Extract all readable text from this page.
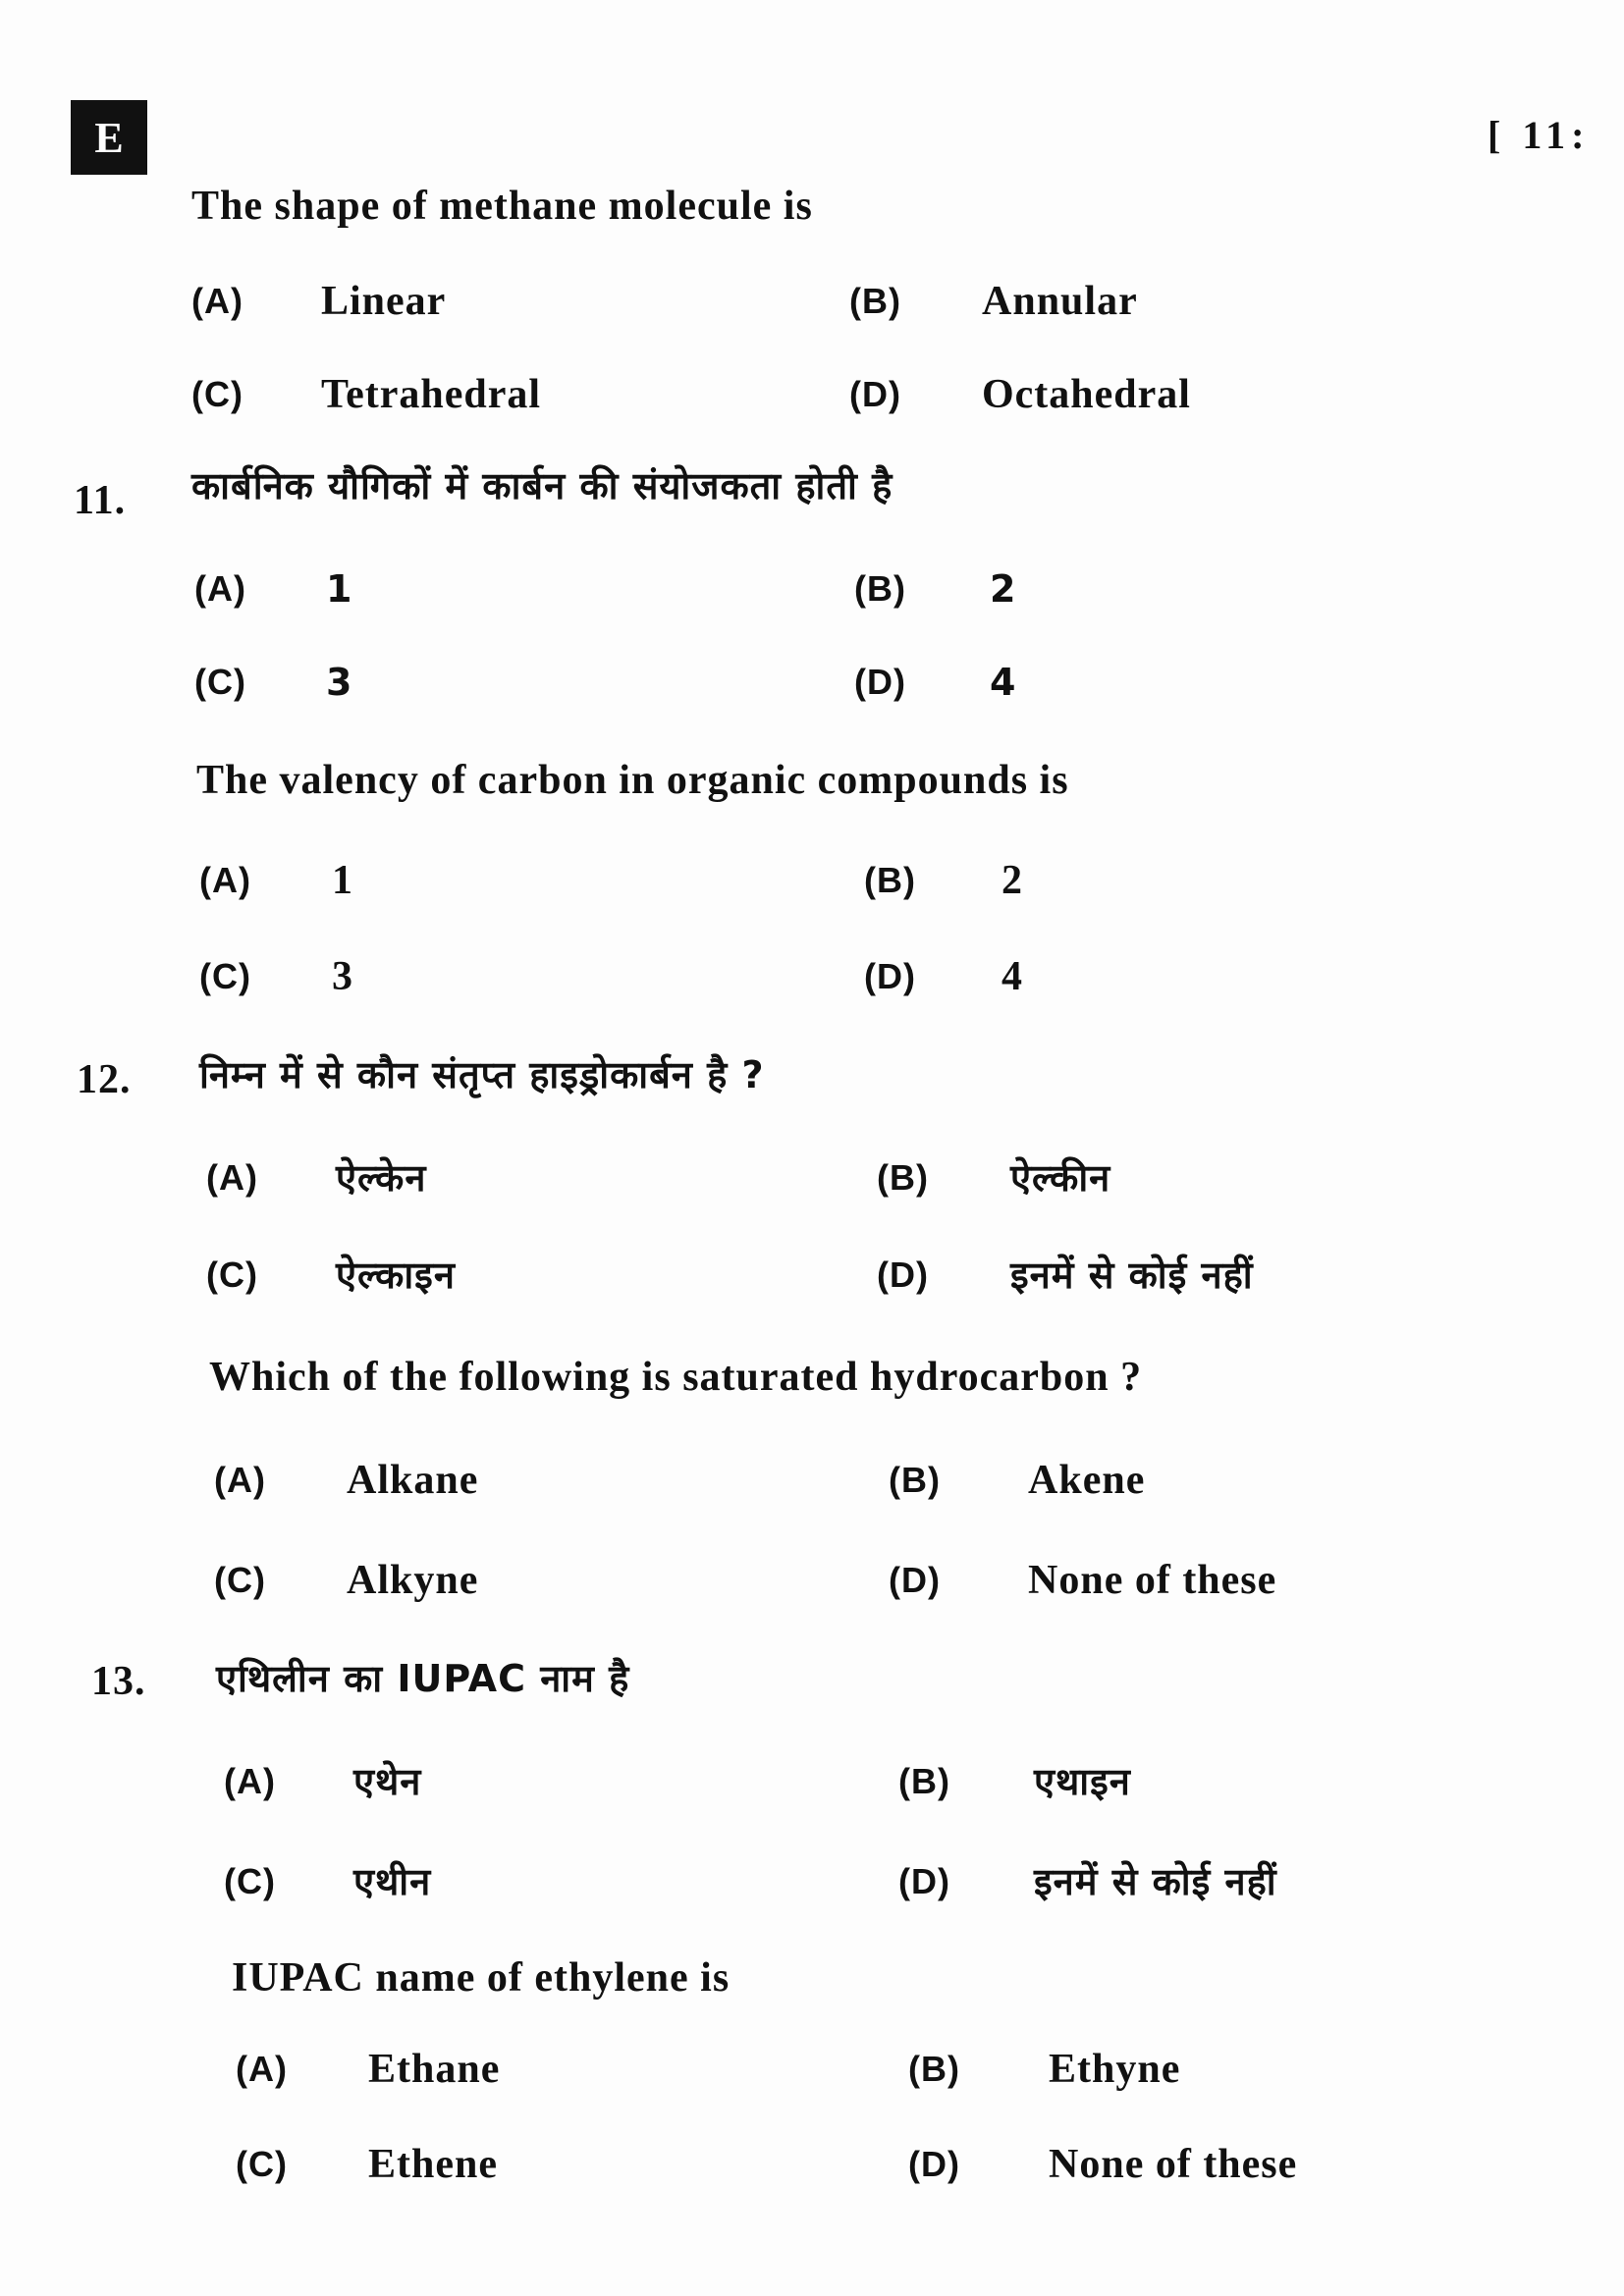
E	[ 11:
The shape of methane molecule is
(A) Linear	(B) Annular
(C) Tetrahedral	(D) Octahedral
11. कार्बनिक यौगिकों में कार्बन की संयोजकता होती है
(A) 1	(B) 2
(C) 3	(D) 4
The valency of carbon in organic compounds is
(A) 1	(B) 2
(C) 3	(D) 4
12. निम्न में से कौन संतृप्त हाइड्रोकार्बन है ?
(A) ऐल्केन	(B) ऐल्कीन
(C) ऐल्काइन	(D) इनमें से कोई नहीं
Which of the following is saturated hydrocarbon ?
(A) Alkane	(B) Akene
(C) Alkyne	(D) None of these
13. एथिलीन का IUPAC नाम है
(A) एथेन	(B) एथाइन
(C) एथीन	(D) इनमें से कोई नहीं
IUPAC name of ethylene is
(A) Ethane	(B) Ethyne
(C) Ethene	(D) None of these
